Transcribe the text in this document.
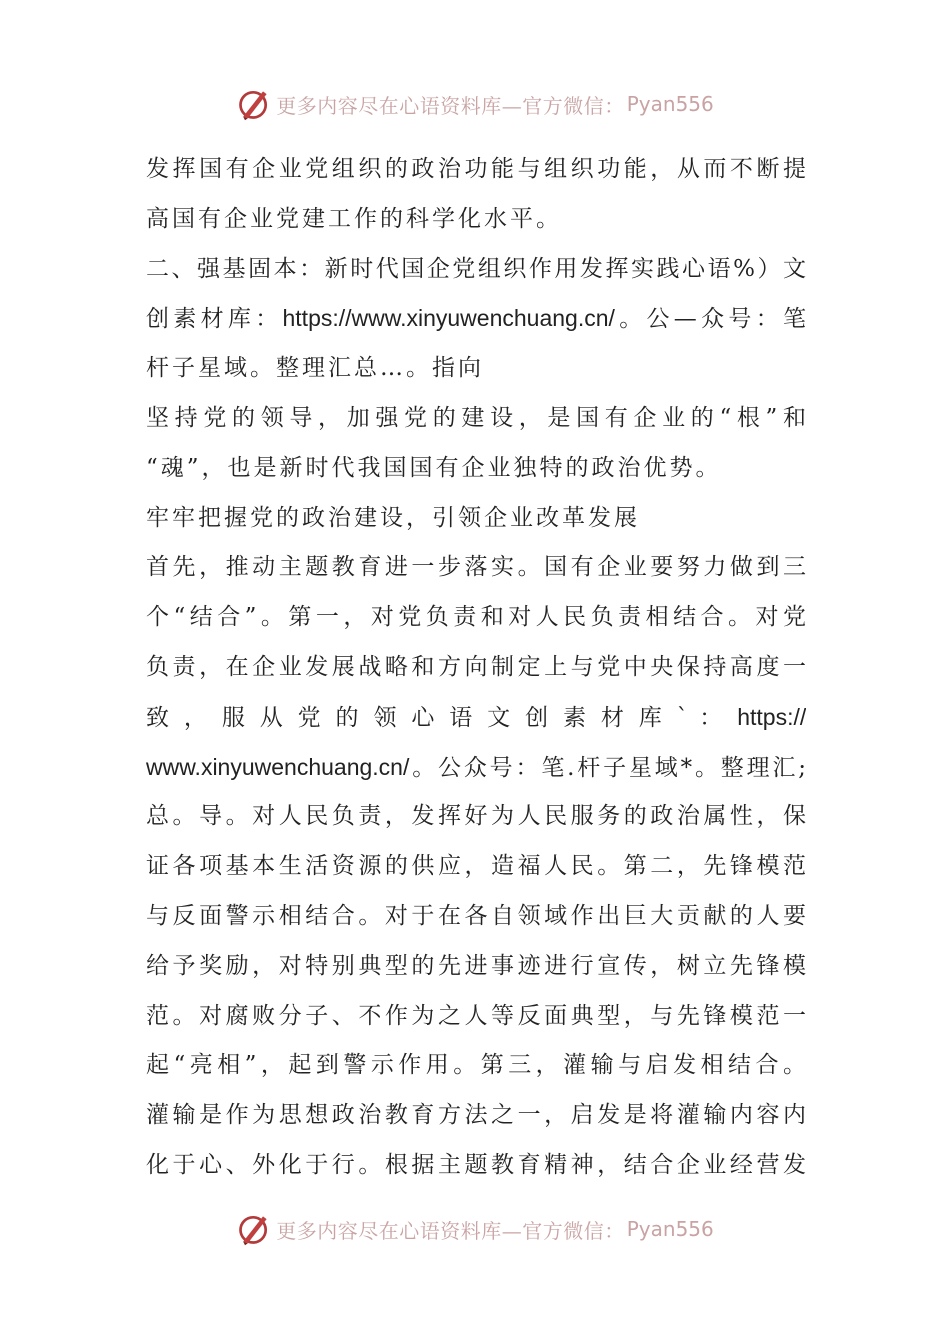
更多内容尽在心语资料库—官方微信： Pyan556
发挥国有企业党组织的政治功能与组织功能，从而不断提
高国有企业党建工作的科学化水平。
二、强基固本：新时代国企党组织作用发挥实践心语%）文
创素材库：https://www.xinyuwenchuang.cn/。公—众号：笔
杆子星域。整理汇总…。指向
坚持党的领导，加强党的建设，是国有企业的“根”和
“魂”，也是新时代我国国有企业独特的政治优势。
牢牢把握党的政治建设，引领企业改革发展
首先，推动主题教育进一步落实。国有企业要努力做到三
个“结合”。第一，对党负责和对人民负责相结合。对党
负责，在企业发展战略和方向制定上与党中央保持高度一
致 ， 服 从 党 的 领 心 语 文 创 素 材 库 ` ： https://
www.xinyuwenchuang.cn/。公众号：笔.杆子星域*。整理汇;
总。导。对人民负责，发挥好为人民服务的政治属性，保
证各项基本生活资源的供应，造福人民。第二，先锋模范
与反面警示相结合。对于在各自领域作出巨大贡献的人要
给予奖励，对特别典型的先进事迹进行宣传，树立先锋模
范。对腐败分子、不作为之人等反面典型，与先锋模范一
起“亮相”，起到警示作用。第三，灌输与启发相结合。
灌输是作为思想政治教育方法之一，启发是将灌输内容内
化于心、外化于行。根据主题教育精神，结合企业经营发
更多内容尽在心语资料库—官方微信： Pyan556
